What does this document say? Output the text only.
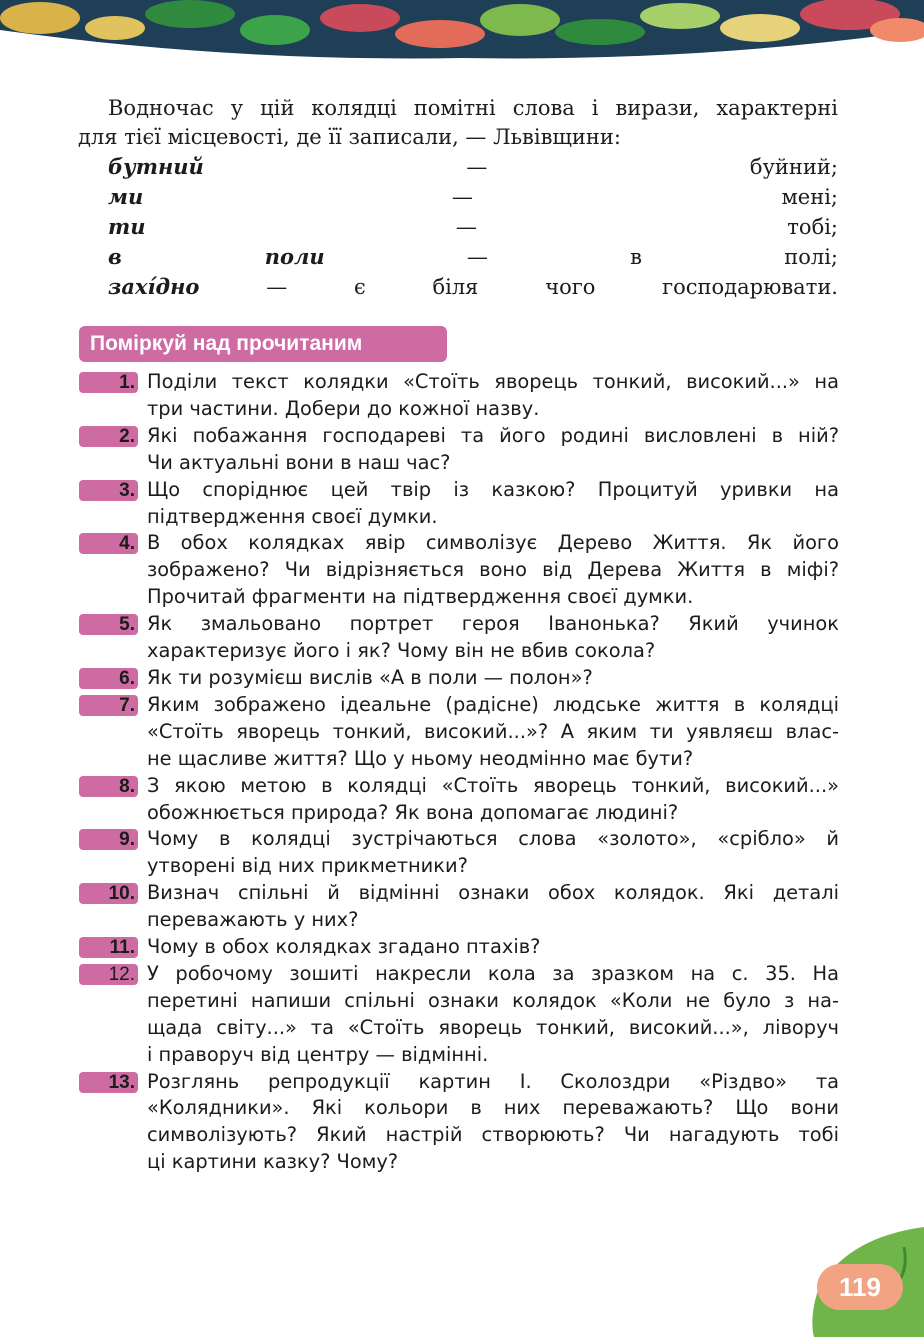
Водночас у цій колядці помітні слова і вирази, характерні

для тієї місцевості, де її записали, — Львівщини:

бутний — буйний;

ми — мені;

ти — тобі;

в поли — в полі;

захі́дно — є біля чого господарювати.

Поміркуй над прочитаним
1. Поділи текст колядки «Стоїть яворець тонкий, високий...» на
три частини. Добери до кожної назву.
2. Які побажання господареві та його родині висловлені в ній?
Чи актуальні вони в наш час?
3. Що споріднює цей твір із казкою? Процитуй уривки на
підтвердження своєї думки.
4. В обох колядках явір символізує Дерево Життя. Як його
зображено? Чи відрізняється воно від Дерева Життя в міфі?
Прочитай фрагменти на підтвердження своєї думки.
5. Як змальовано портрет героя Іванонька? Який учинок
характеризує його і як? Чому він не вбив сокола?
6. Як ти розумієш вислів «А в поли — полон»?
7. Яким зображено ідеальне (радісне) людське життя в колядці
«Стоїть яворець тонкий, високий...»? А яким ти уявляєш влас-
не щасливе життя? Що у ньому неодмінно має бути?
8. З якою метою в колядці «Стоїть яворець тонкий, високий...»
обожнюється природа? Як вона допомагає людині?
9. Чому в колядці зустрічаються слова «золото», «срібло» й
утворені від них прикметники?
10. Визнач спільні й відмінні ознаки обох колядок. Які деталі
переважають у них?
11. Чому в обох колядках згадано птахів?
12. У робочому зошиті накресли кола за зразком на с. 35. На
перетині напиши спільні ознаки колядок «Коли не було з на-
щада світу...» та «Стоїть яворець тонкий, високий...», ліворуч
і праворуч від центру — відмінні.
13. Розглянь репродукції картин І. Сколоздри «Різдво» та
«Колядники». Які кольори в них переважають? Що вони
символізують? Який настрій створюють? Чи нагадують тобі
ці картини казку? Чому?
119
